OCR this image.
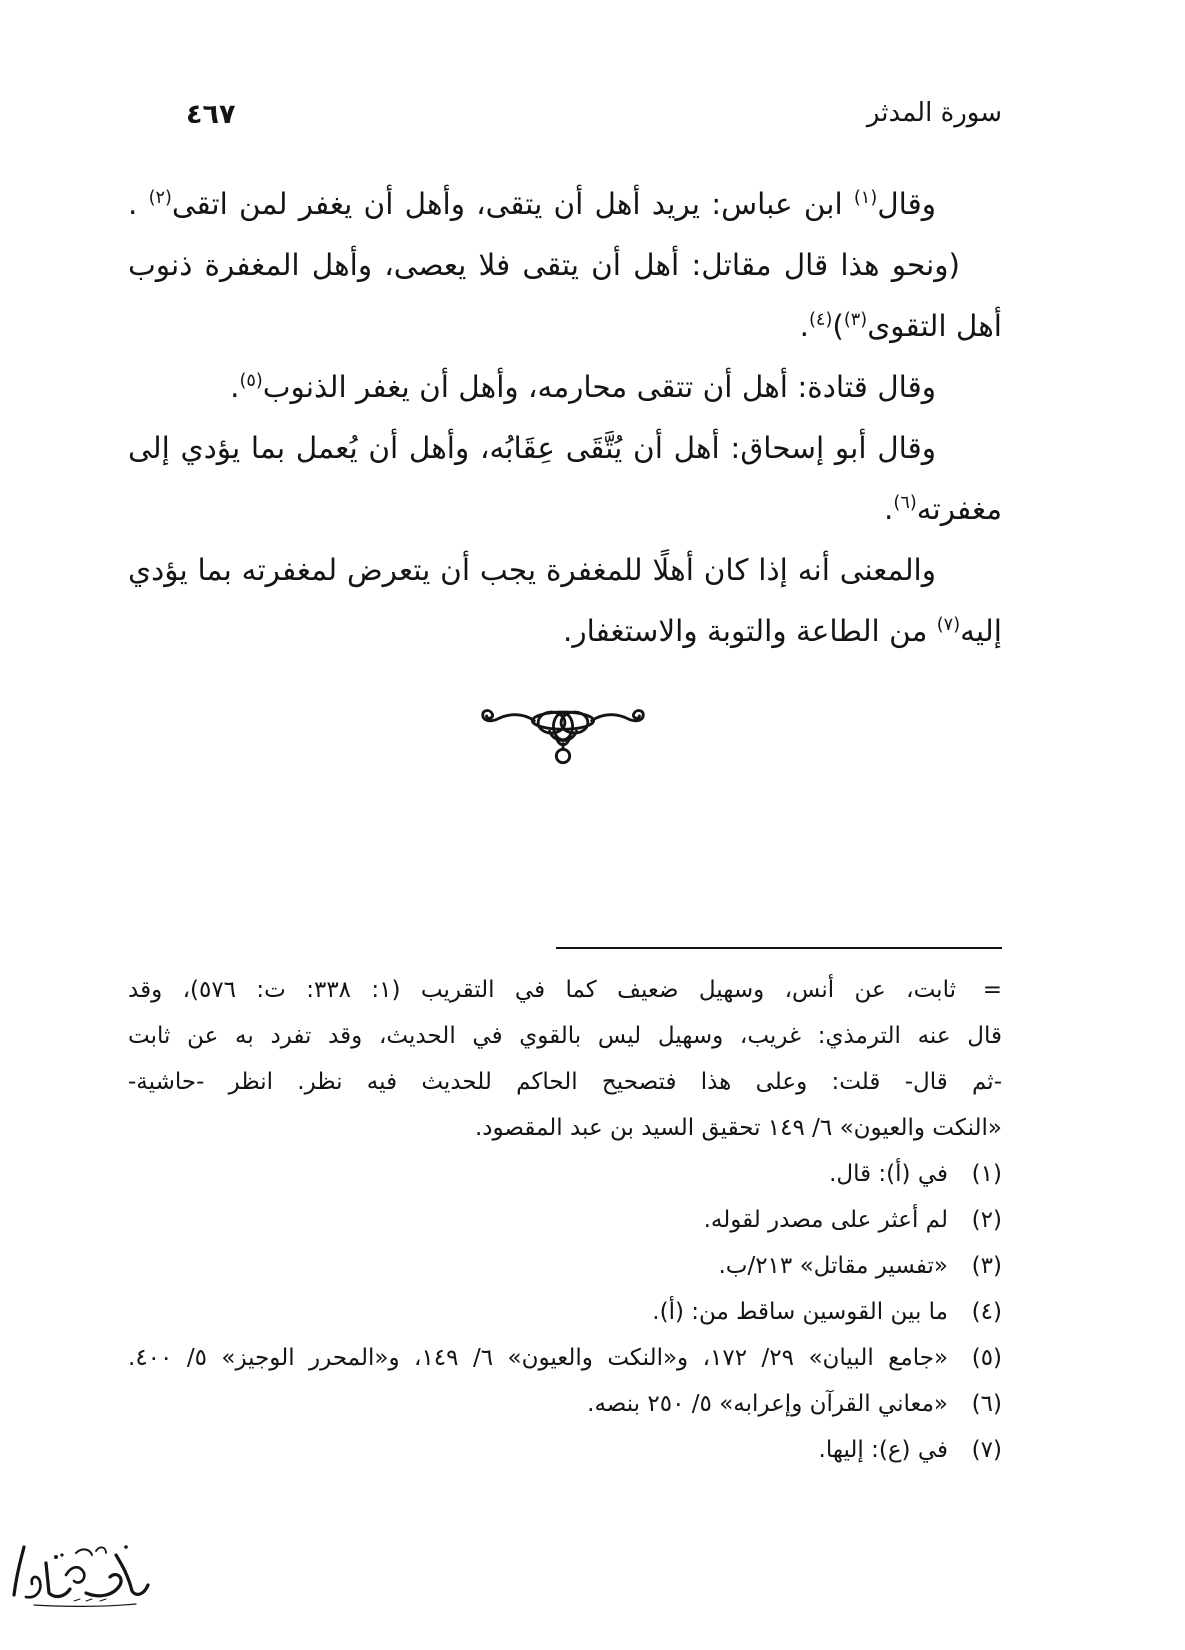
سورة المدثر
٤٦٧
وقال$^{(١)}$ ابن عباس: يريد أهل أن يتقى، وأهل أن يغفر لمن اتقى$^{(٢)}$ .
(ونحو هذا قال مقاتل: أهل أن يتقى فلا يعصى، وأهل المغفرة ذنوب
أهل التقوى$^{(٣)}$)$^{(٤)}$.
وقال قتادة: أهل أن تتقى محارمه، وأهل أن يغفر الذنوب$^{(٥)}$.
وقال أبو إسحاق: أهل أن يُتَّقَى عِقَابُه، وأهل أن يُعمل بما يؤدي إلى
مغفرته$^{(٦)}$.
والمعنى أنه إذا كان أهلًا للمغفرة يجب أن يتعرض لمغفرته بما يؤدي
إليه$^{(٧)}$ من الطاعة والتوبة والاستغفار.
=ثابت، عن أنس، وسهيل ضعيف كما في التقريب (١: ٣٣٨: ت: ٥٧٦)، وقد
قال عنه الترمذي: غريب، وسهيل ليس بالقوي في الحديث، وقد تفرد به عن ثابت
-ثم قال- قلت: وعلى هذا فتصحيح الحاكم للحديث فيه نظر. انظر -حاشية-
«النكت والعيون» ٦/ ١٤٩ تحقيق السيد بن عبد المقصود.
(١)في (أ): قال.
(٢)لم أعثر على مصدر لقوله.
(٣)«تفسير مقاتل» ٢١٣/ب.
(٤)ما بين القوسين ساقط من: (أ).
(٥)«جامع البيان» ٢٩/ ١٧٢، و«النكت والعيون» ٦/ ١٤٩، و«المحرر الوجيز» ٥/ ٤٠٠.
(٦)«معاني القرآن وإعرابه» ٥/ ٢٥٠ بنصه.
(٧)في (ع): إليها.
